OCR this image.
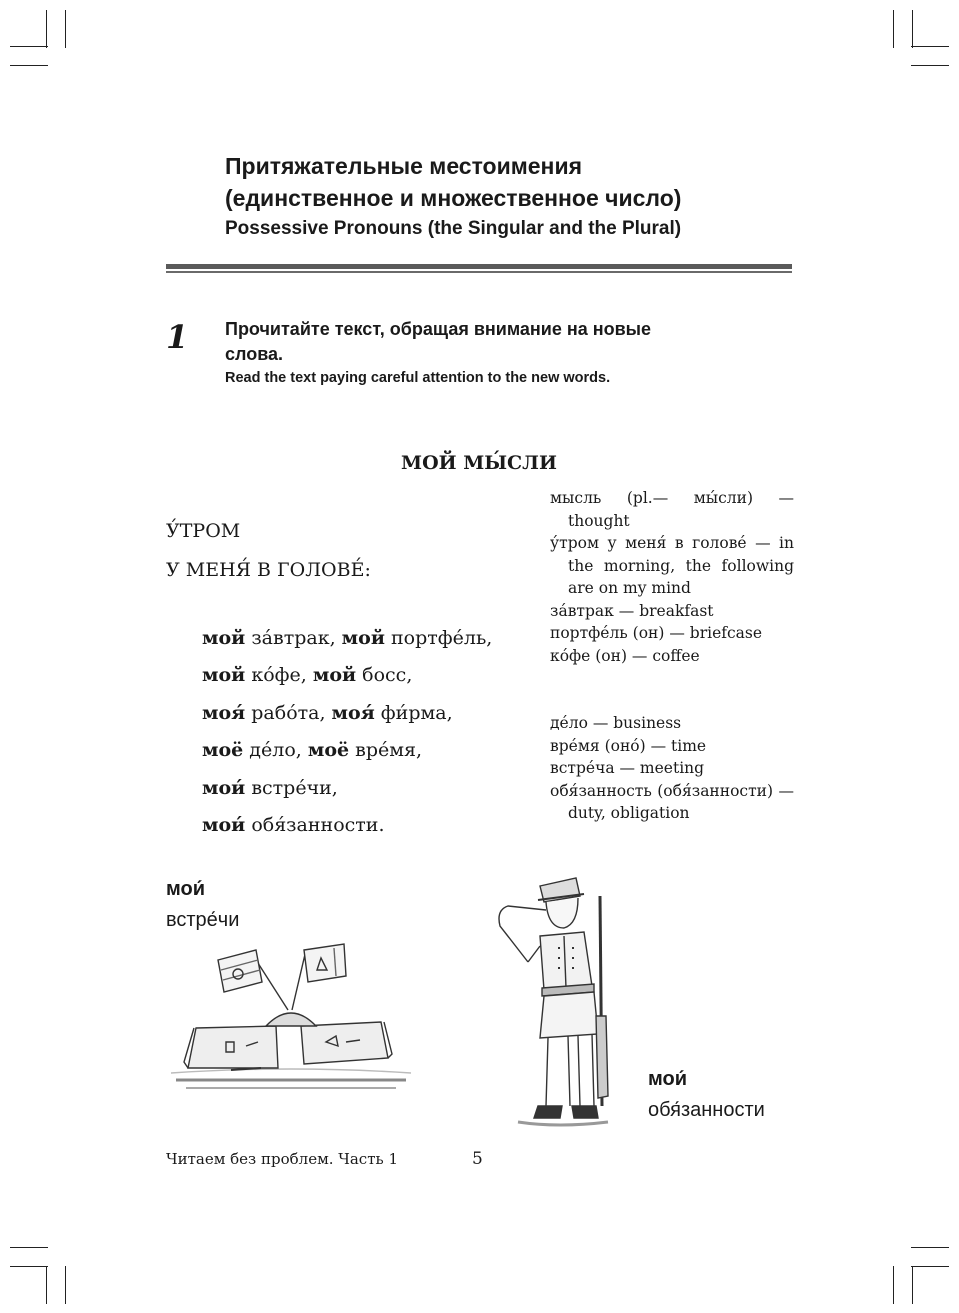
Притяжательные местоимения
(единственное и множественное число)
Possessive Pronouns (the Singular and the Plural)
1 Прочитайте текст, обращая внимание на новые
слова.
Read the text paying careful attention to the new words.
МОЙ МЫ́СЛИ
У́ТРОМ
У МЕНЯ́ В ГОЛОВЕ́:
мой за́втрак, мой портфе́ль,
мой ко́фе, мой босс,
моя́ рабо́та, моя́ фи́рма,
моё де́ло, моё вре́мя,
мои́ встре́чи,
мои́ обя́занности.
мысль (pl.— мы́сли) — thought
у́тром у меня́ в голове́ — in the morning, the following are on my mind
за́втрак — breakfast
портфе́ль (он) — briefcase
ко́фе (он) — coffee
де́ло — business
вре́мя (оно́) — time
встре́ча — meeting
обя́занность (обя́занности) — duty, obligation
мои́
встре́чи
мои́
обя́занности
Читаем без проблем. Часть 1	5
